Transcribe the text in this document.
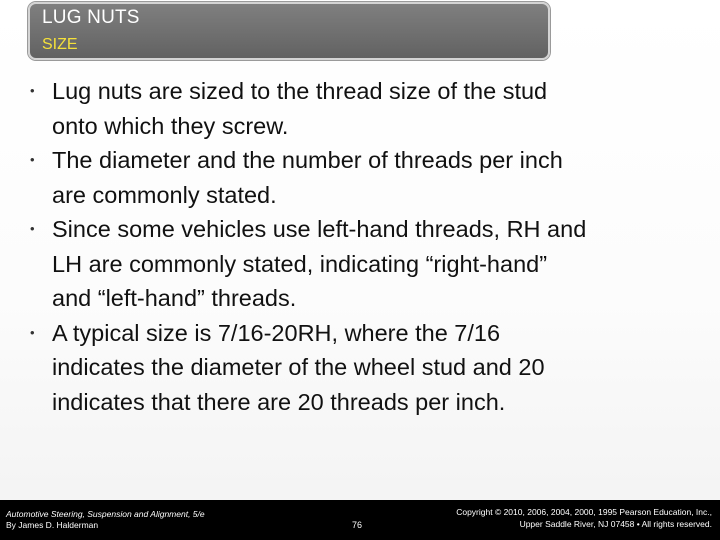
LUG NUTS
SIZE
• Lug nuts are sized to the thread size of the stud
onto which they screw.
• The diameter and the number of threads per inch
are commonly stated.
• Since some vehicles use left-hand threads, RH and
LH are commonly stated, indicating “right-hand”
and “left-hand” threads.
• A typical size is 7/16-20RH, where the 7/16
indicates the diameter of the wheel stud and 20
indicates that there are 20 threads per inch.
Automotive Steering, Suspension and Alignment, 5/e
By James D. Halderman	76
Copyright © 2010, 2006, 2004, 2000, 1995 Pearson Education, Inc.,
Upper Saddle River, NJ 07458 • All rights reserved.
